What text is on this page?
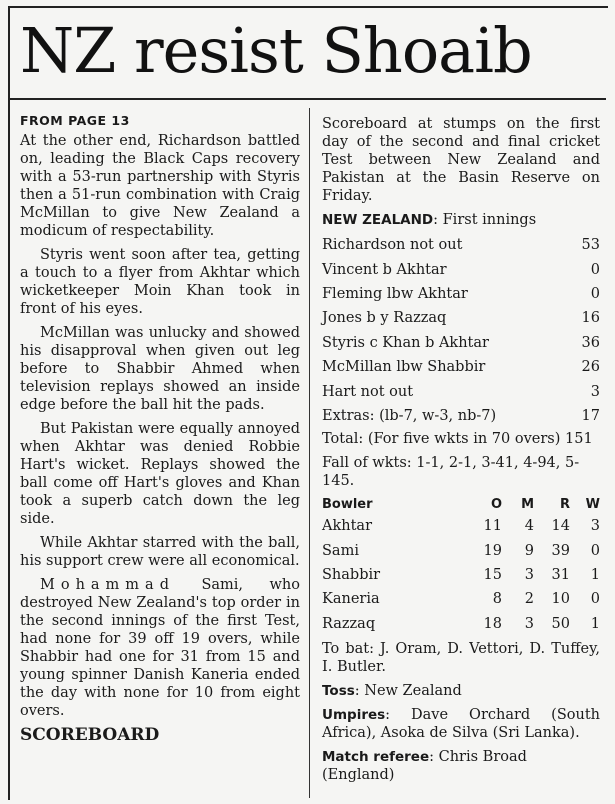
NZ resist Shoaib
FROM PAGE 13

At the other end, Richardson battled on, leading the Black Caps recovery with a 53-run partnership with Styris then a 51-run combination with Craig McMillan to give New Zealand a modicum of respectability.

Styris went soon after tea, getting a touch to a flyer from Akhtar which wicketkeeper Moin Khan took in front of his eyes.

McMillan was unlucky and showed his disapproval when given out leg before to Shabbir Ahmed when television replays showed an inside edge before the ball hit the pads.

But Pakistan were equally annoyed when Akhtar was denied Robbie Hart's wicket. Replays showed the ball come off Hart's gloves and Khan took a superb catch down the leg side.

While Akhtar starred with the ball, his support crew were all economical.

Mohammad Sami, who destroyed New Zealand's top order in the second innings of the first Test, had none for 39 off 19 overs, while Shabbir had one for 31 from 15 and young spinner Danish Kaneria ended the day with none for 10 from eight overs.

SCOREBOARD

Scoreboard at stumps on the first day of the second and final cricket Test between New Zealand and Pakistan at the Basin Reserve on Friday.

NEW ZEALAND: First innings
Richardson not out	53
Vincent b Akhtar	0
Fleming lbw Akhtar	0
Jones b y Razzaq	16
Styris c Khan b Akhtar	36
McMillan lbw Shabbir	26
Hart not out	3
Extras: (lb-7, w-3, nb-7)	17
Total: (For five wkts in 70 overs) 151
Fall of wkts: 1-1, 2-1, 3-41, 4-94, 5-145.
Bowler	O	M	R	W
Akhtar	11	4	14	3
Sami	19	9	39	0
Shabbir	15	3	31	1
Kaneria	8	2	10	0
Razzaq	18	3	50	1
To bat: J. Oram, D. Vettori, D. Tuffey, I. Butler.
Toss: New Zealand
Umpires: Dave Orchard (South Africa), Asoka de Silva (Sri Lanka).
Match referee: Chris Broad (England)
